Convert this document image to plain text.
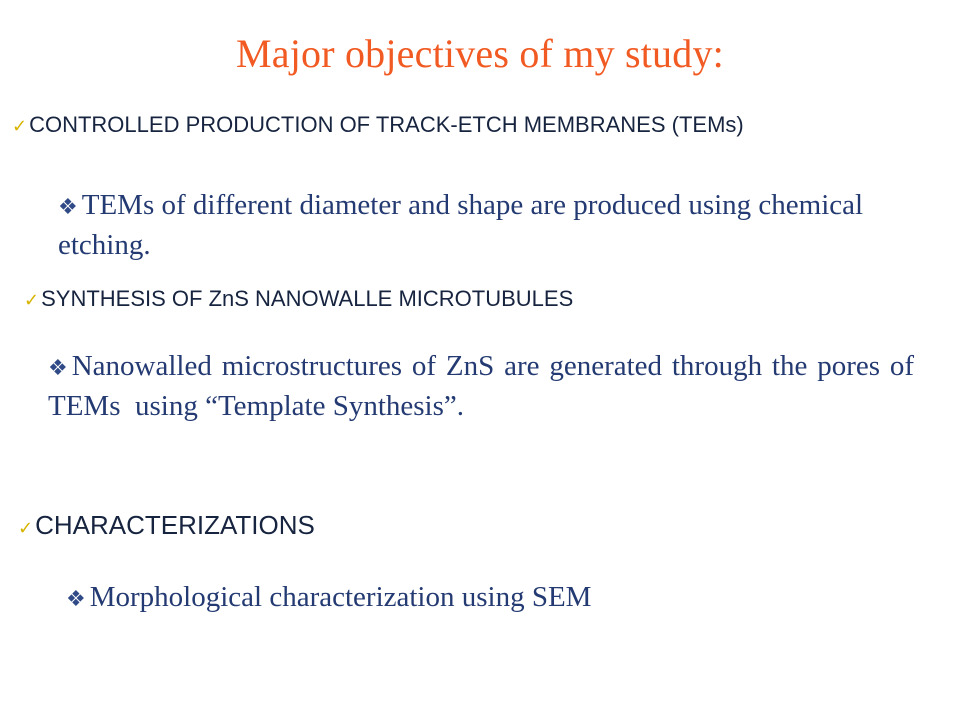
Major objectives of my study:
✓CONTROLLED PRODUCTION OF TRACK-ETCH MEMBRANES (TEMs)
❖ TEMs of different diameter and shape are produced using chemical etching.
✓SYNTHESIS OF ZnS NANOWALLE MICROTUBULES
❖ Nanowalled microstructures of ZnS are generated through the pores of     TEMs  using “Template Synthesis”.
✓CHARACTERIZATIONS
❖ Morphological characterization using SEM
